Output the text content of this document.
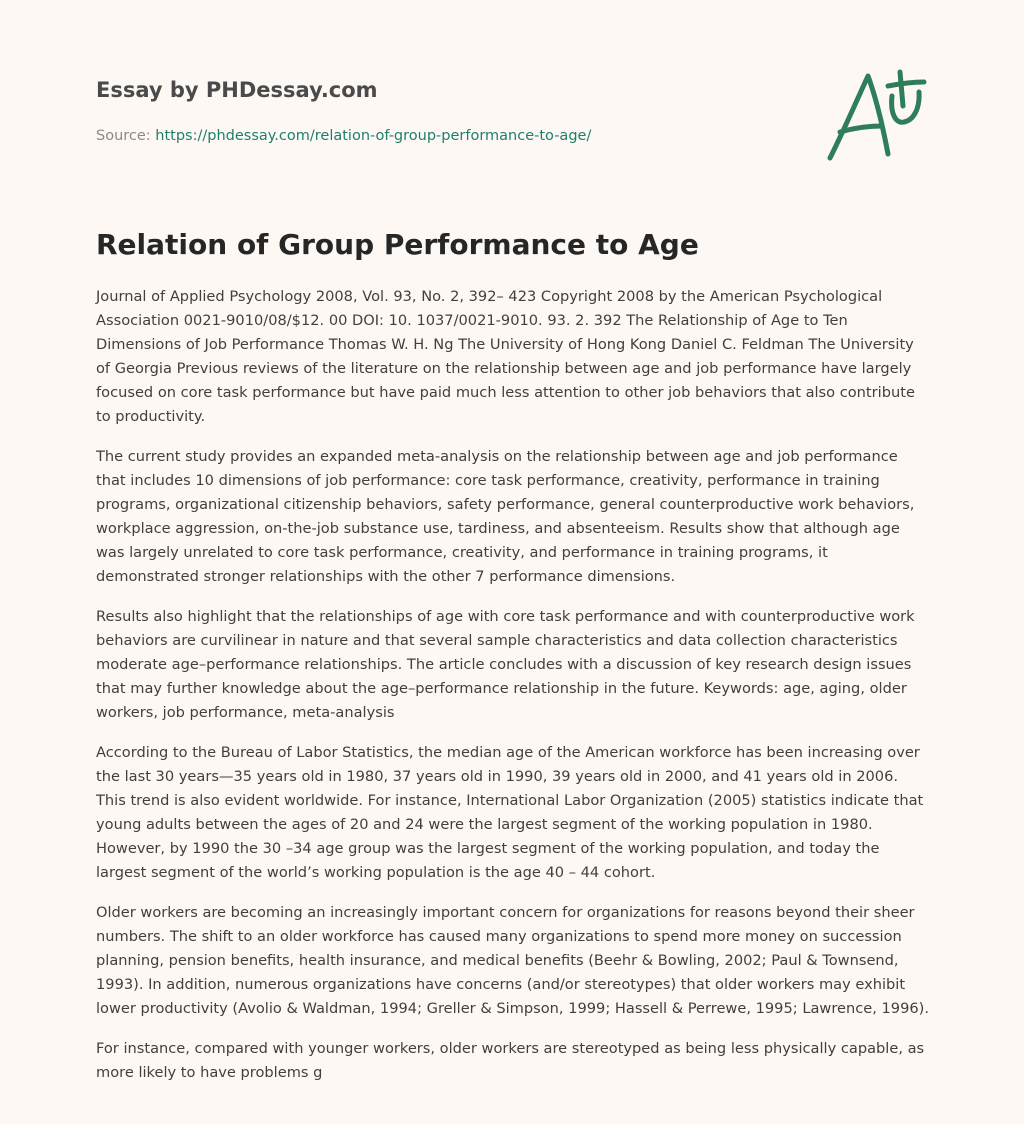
Essay by PHDessay.com
Source: https://phdessay.com/relation-of-group-performance-to-age/
Relation of Group Performance to Age

Journal of Applied Psychology 2008, Vol. 93, No. 2, 392– 423 Copyright 2008 by the American Psychological Association 0021-9010/08/$12. 00 DOI: 10. 1037/0021-9010. 93. 2. 392 The Relationship of Age to Ten Dimensions of Job Performance Thomas W. H. Ng The University of Hong Kong Daniel C. Feldman The University of Georgia Previous reviews of the literature on the relationship between age and job performance have largely focused on core task performance but have paid much less attention to other job behaviors that also contribute to productivity.

The current study provides an expanded meta-analysis on the relationship between age and job performance that includes 10 dimensions of job performance: core task performance, creativity, performance in training programs, organizational citizenship behaviors, safety performance, general counterproductive work behaviors, workplace aggression, on-the-job substance use, tardiness, and absenteeism. Results show that although age was largely unrelated to core task performance, creativity, and performance in training programs, it demonstrated stronger relationships with the other 7 performance dimensions.

Results also highlight that the relationships of age with core task performance and with counterproductive work behaviors are curvilinear in nature and that several sample characteristics and data collection characteristics moderate age–performance relationships. The article concludes with a discussion of key research design issues that may further knowledge about the age–performance relationship in the future. Keywords: age, aging, older workers, job performance, meta-analysis

According to the Bureau of Labor Statistics, the median age of the American workforce has been increasing over the last 30 years—35 years old in 1980, 37 years old in 1990, 39 years old in 2000, and 41 years old in 2006. This trend is also evident worldwide. For instance, International Labor Organization (2005) statistics indicate that young adults between the ages of 20 and 24 were the largest segment of the working population in 1980. However, by 1990 the 30 –34 age group was the largest segment of the working population, and today the largest segment of the world’s working population is the age 40 – 44 cohort.

Older workers are becoming an increasingly important concern for organizations for reasons beyond their sheer numbers. The shift to an older workforce has caused many organizations to spend more money on succession planning, pension benefits, health insurance, and medical benefits (Beehr & Bowling, 2002; Paul & Townsend, 1993). In addition, numerous organizations have concerns (and/or stereotypes) that older workers may exhibit lower productivity (Avolio & Waldman, 1994; Greller & Simpson, 1999; Hassell & Perrewe, 1995; Lawrence, 1996).

For instance, compared with younger workers, older workers are stereotyped as being less physically capable, as more likely to have problems g
